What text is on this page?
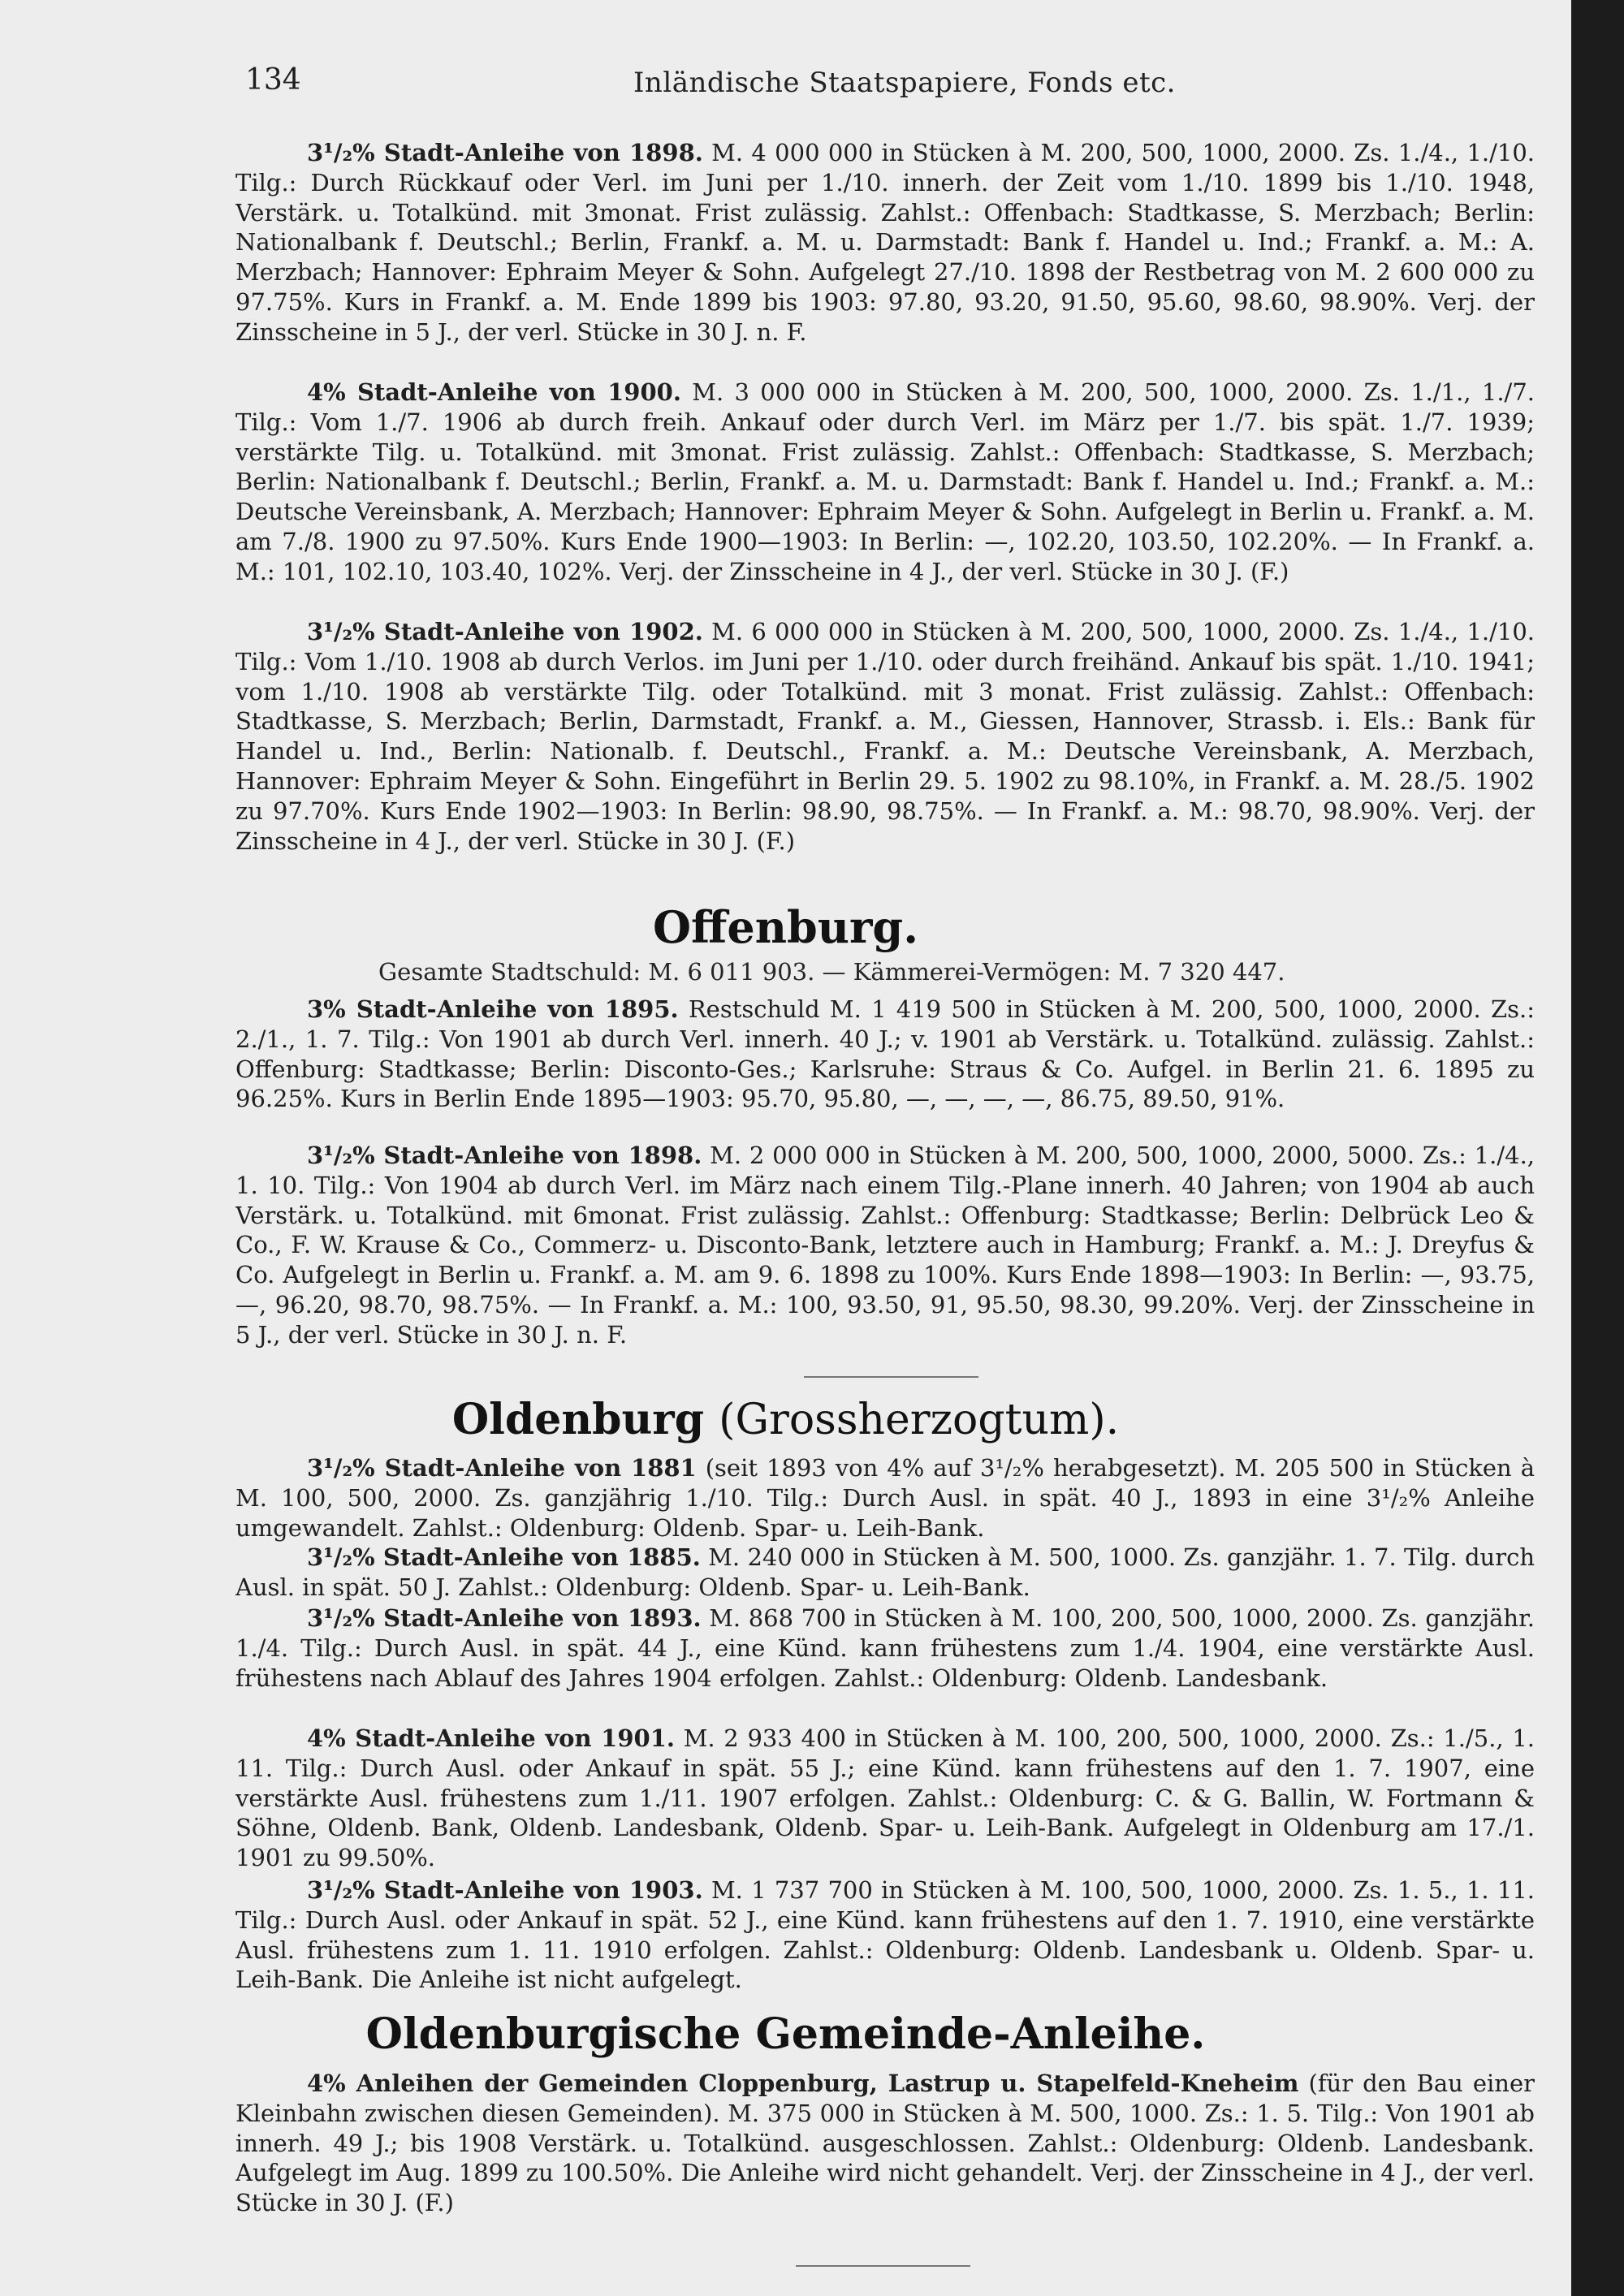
134	Inländische Staatspapiere, Fonds etc.
3¹/₂% Stadt-Anleihe von 1898. M. 4 000 000 in Stücken à M. 200, 500, 1000, 2000. Zs. 1./4., 1./10. Tilg.: Durch Rückkauf oder Verl. im Juni per 1./10. innerh. der Zeit vom 1./10. 1899 bis 1./10. 1948, Verstärk. u. Totalkünd. mit 3monat. Frist zulässig. Zahlst.: Offenbach: Stadtkasse, S. Merzbach; Berlin: Nationalbank f. Deutschl.; Berlin, Frankf. a. M. u. Darmstadt: Bank f. Handel u. Ind.; Frankf. a. M.: A. Merzbach; Hannover: Ephraim Meyer & Sohn. Aufgelegt 27./10. 1898 der Restbetrag von M. 2 600 000 zu 97.75%. Kurs in Frankf. a. M. Ende 1899 bis 1903: 97.80, 93.20, 91.50, 95.60, 98.60, 98.90%. Verj. der Zinsscheine in 5 J., der verl. Stücke in 30 J. n. F.
4% Stadt-Anleihe von 1900. M. 3 000 000 in Stücken à M. 200, 500, 1000, 2000. Zs. 1./1., 1./7. Tilg.: Vom 1./7. 1906 ab durch freih. Ankauf oder durch Verl. im März per 1./7. bis spät. 1./7. 1939; verstärkte Tilg. u. Totalkünd. mit 3monat. Frist zulässig. Zahlst.: Offenbach: Stadtkasse, S. Merzbach; Berlin: Nationalbank f. Deutschl.; Berlin, Frankf. a. M. u. Darmstadt: Bank f. Handel u. Ind.; Frankf. a. M.: Deutsche Vereinsbank, A. Merzbach; Hannover: Ephraim Meyer & Sohn. Aufgelegt in Berlin u. Frankf. a. M. am 7./8. 1900 zu 97.50%. Kurs Ende 1900—1903: In Berlin: —, 102.20, 103.50, 102.20%. — In Frankf. a. M.: 101, 102.10, 103.40, 102%. Verj. der Zinsscheine in 4 J., der verl. Stücke in 30 J. (F.)
3¹/₂% Stadt-Anleihe von 1902. M. 6 000 000 in Stücken à M. 200, 500, 1000, 2000. Zs. 1./4., 1./10. Tilg.: Vom 1./10. 1908 ab durch Verlos. im Juni per 1./10. oder durch freihänd. Ankauf bis spät. 1./10. 1941; vom 1./10. 1908 ab verstärkte Tilg. oder Totalkünd. mit 3 monat. Frist zulässig. Zahlst.: Offenbach: Stadtkasse, S. Merzbach; Berlin, Darmstadt, Frankf. a. M., Giessen, Hannover, Strassb. i. Els.: Bank für Handel u. Ind., Berlin: Nationalb. f. Deutschl., Frankf. a. M.: Deutsche Vereinsbank, A. Merzbach, Hannover: Ephraim Meyer & Sohn. Eingeführt in Berlin 29. 5. 1902 zu 98.10%, in Frankf. a. M. 28./5. 1902 zu 97.70%. Kurs Ende 1902—1903: In Berlin: 98.90, 98.75%. — In Frankf. a. M.: 98.70, 98.90%. Verj. der Zinsscheine in 4 J., der verl. Stücke in 30 J. (F.)
Offenburg.
Gesamte Stadtschuld: M. 6 011 903. — Kämmerei-Vermögen: M. 7 320 447.
3% Stadt-Anleihe von 1895. Restschuld M. 1 419 500 in Stücken à M. 200, 500, 1000, 2000. Zs.: 2./1., 1. 7. Tilg.: Von 1901 ab durch Verl. innerh. 40 J.; v. 1901 ab Verstärk. u. Totalkünd. zulässig. Zahlst.: Offenburg: Stadtkasse; Berlin: Disconto-Ges.; Karlsruhe: Straus & Co. Aufgel. in Berlin 21. 6. 1895 zu 96.25%. Kurs in Berlin Ende 1895—1903: 95.70, 95.80, —, —, —, —, 86.75, 89.50, 91%.
3¹/₂% Stadt-Anleihe von 1898. M. 2 000 000 in Stücken à M. 200, 500, 1000, 2000, 5000. Zs.: 1./4., 1. 10. Tilg.: Von 1904 ab durch Verl. im März nach einem Tilg.-Plane innerh. 40 Jahren; von 1904 ab auch Verstärk. u. Totalkünd. mit 6monat. Frist zulässig. Zahlst.: Offenburg: Stadtkasse; Berlin: Delbrück Leo & Co., F. W. Krause & Co., Commerz- u. Disconto-Bank, letztere auch in Hamburg; Frankf. a. M.: J. Dreyfus & Co. Aufgelegt in Berlin u. Frankf. a. M. am 9. 6. 1898 zu 100%. Kurs Ende 1898—1903: In Berlin: —, 93.75, —, 96.20, 98.70, 98.75%. — In Frankf. a. M.: 100, 93.50, 91, 95.50, 98.30, 99.20%. Verj. der Zinsscheine in 5 J., der verl. Stücke in 30 J. n. F.
Oldenburg (Grossherzogtum).
3¹/₂% Stadt-Anleihe von 1881 (seit 1893 von 4% auf 3¹/₂% herabgesetzt). M. 205 500 in Stücken à M. 100, 500, 2000. Zs. ganzjährig 1./10. Tilg.: Durch Ausl. in spät. 40 J., 1893 in eine 3¹/₂% Anleihe umgewandelt. Zahlst.: Oldenburg: Oldenb. Spar- u. Leih-Bank.
3¹/₂% Stadt-Anleihe von 1885. M. 240 000 in Stücken à M. 500, 1000. Zs. ganzjähr. 1. 7. Tilg. durch Ausl. in spät. 50 J. Zahlst.: Oldenburg: Oldenb. Spar- u. Leih-Bank.
3¹/₂% Stadt-Anleihe von 1893. M. 868 700 in Stücken à M. 100, 200, 500, 1000, 2000. Zs. ganzjähr. 1./4. Tilg.: Durch Ausl. in spät. 44 J., eine Künd. kann frühestens zum 1./4. 1904, eine verstärkte Ausl. frühestens nach Ablauf des Jahres 1904 erfolgen. Zahlst.: Oldenburg: Oldenb. Landesbank.
4% Stadt-Anleihe von 1901. M. 2 933 400 in Stücken à M. 100, 200, 500, 1000, 2000. Zs.: 1./5., 1. 11. Tilg.: Durch Ausl. oder Ankauf in spät. 55 J.; eine Künd. kann frühestens auf den 1. 7. 1907, eine verstärkte Ausl. frühestens zum 1./11. 1907 erfolgen. Zahlst.: Oldenburg: C. & G. Ballin, W. Fortmann & Söhne, Oldenb. Bank, Oldenb. Landesbank, Oldenb. Spar- u. Leih-Bank. Aufgelegt in Oldenburg am 17./1. 1901 zu 99.50%.
3¹/₂% Stadt-Anleihe von 1903. M. 1 737 700 in Stücken à M. 100, 500, 1000, 2000. Zs. 1. 5., 1. 11. Tilg.: Durch Ausl. oder Ankauf in spät. 52 J., eine Künd. kann frühestens auf den 1. 7. 1910, eine verstärkte Ausl. frühestens zum 1. 11. 1910 erfolgen. Zahlst.: Oldenburg: Oldenb. Landesbank u. Oldenb. Spar- u. Leih-Bank. Die Anleihe ist nicht aufgelegt.
Oldenburgische Gemeinde-Anleihe.
4% Anleihen der Gemeinden Cloppenburg, Lastrup u. Stapelfeld-Kneheim (für den Bau einer Kleinbahn zwischen diesen Gemeinden). M. 375 000 in Stücken à M. 500, 1000. Zs.: 1. 5. Tilg.: Von 1901 ab innerh. 49 J.; bis 1908 Verstärk. u. Totalkünd. ausgeschlossen. Zahlst.: Oldenburg: Oldenb. Landesbank. Aufgelegt im Aug. 1899 zu 100.50%. Die Anleihe wird nicht gehandelt. Verj. der Zinsscheine in 4 J., der verl. Stücke in 30 J. (F.)
